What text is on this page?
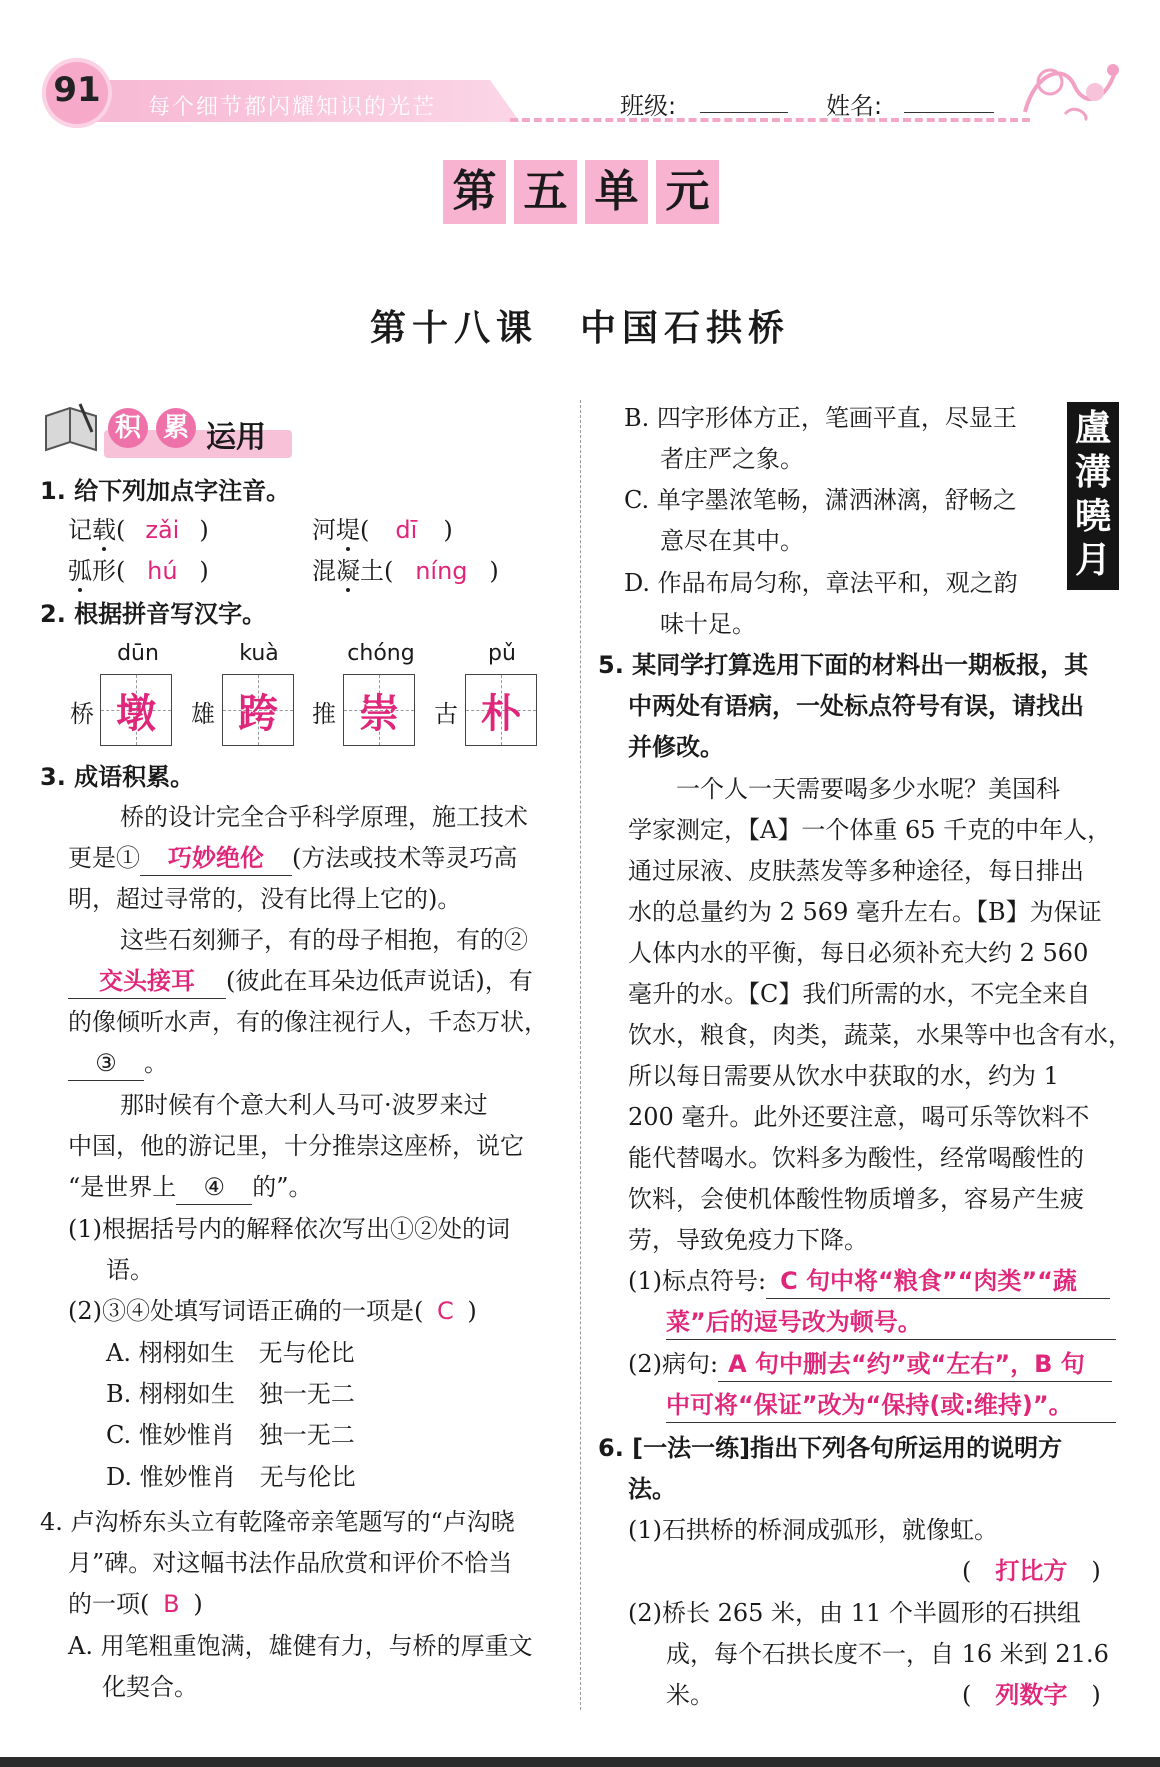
91	每个细节都闪耀知识的光芒	班级:	姓名:
第 五 单 元
第十八课　中国石拱桥
积 累 运用
1. 给下列加点字注音。
记载( zǎi )	河堤( dī )
弧形( hú )	混凝土( níng )
2. 根据拼音写汉字。
dūn	kuà	chóng	pǔ
桥 墩	雄 跨	推 崇	古 朴
3. 成语积累。
桥的设计完全合乎科学原理，施工技术
更是① 巧妙绝伦 (方法或技术等灵巧高
明，超过寻常的，没有比得上它的)。
这些石刻狮子，有的母子相抱，有的②
交头接耳 (彼此在耳朵边低声说话)，有
的像倾听水声，有的像注视行人，千态万状，
③ 。
那时候有个意大利人马可·波罗来过
中国，他的游记里，十分推崇这座桥，说它
“是世界上 ④ 的”。
(1)根据括号内的解释依次写出①②处的词
语。
(2)③④处填写词语正确的一项是( C )
A. 栩栩如生　无与伦比
B. 栩栩如生　独一无二
C. 惟妙惟肖　独一无二
D. 惟妙惟肖　无与伦比
4. 卢沟桥东头立有乾隆帝亲笔题写的“卢沟晓
月”碑。对这幅书法作品欣赏和评价不恰当
的一项( B )
A. 用笔粗重饱满，雄健有力，与桥的厚重文
化契合。
B. 四字形体方正，笔画平直，尽显王
者庄严之象。
C. 单字墨浓笔畅，潇洒淋漓，舒畅之
意尽在其中。
D. 作品布局匀称，章法平和，观之韵
味十足。
盧
溝
曉
月
5. 某同学打算选用下面的材料出一期板报，其
中两处有语病，一处标点符号有误，请找出
并修改。
　　一个人一天需要喝多少水呢？美国科
学家测定，【A】一个体重 65 千克的中年人，
通过尿液、皮肤蒸发等多种途径，每日排出
水的总量约为 2 569 毫升左右。【B】为保证
人体内水的平衡，每日必须补充大约 2 560
毫升的水。【C】我们所需的水，不完全来自
饮水，粮食，肉类，蔬菜，水果等中也含有水，
所以每日需要从饮水中获取的水，约为 1
200 毫升。此外还要注意，喝可乐等饮料不
能代替喝水。饮料多为酸性，经常喝酸性的
饮料，会使机体酸性物质增多，容易产生疲
劳，导致免疫力下降。
(1)标点符号: C 句中将“粮食”“肉类”“蔬
菜”后的逗号改为顿号。
(2)病句: A 句中删去“约”或“左右”，B 句
中可将“保证”改为“保持(或:维持)”。
6. [一法一练]指出下列各句所运用的说明方
法。
(1)石拱桥的桥洞成弧形，就像虹。
( 打比方 )
(2)桥长 265 米，由 11 个半圆形的石拱组
成，每个石拱长度不一，自 16 米到 21.6
米。	( 列数字 )
